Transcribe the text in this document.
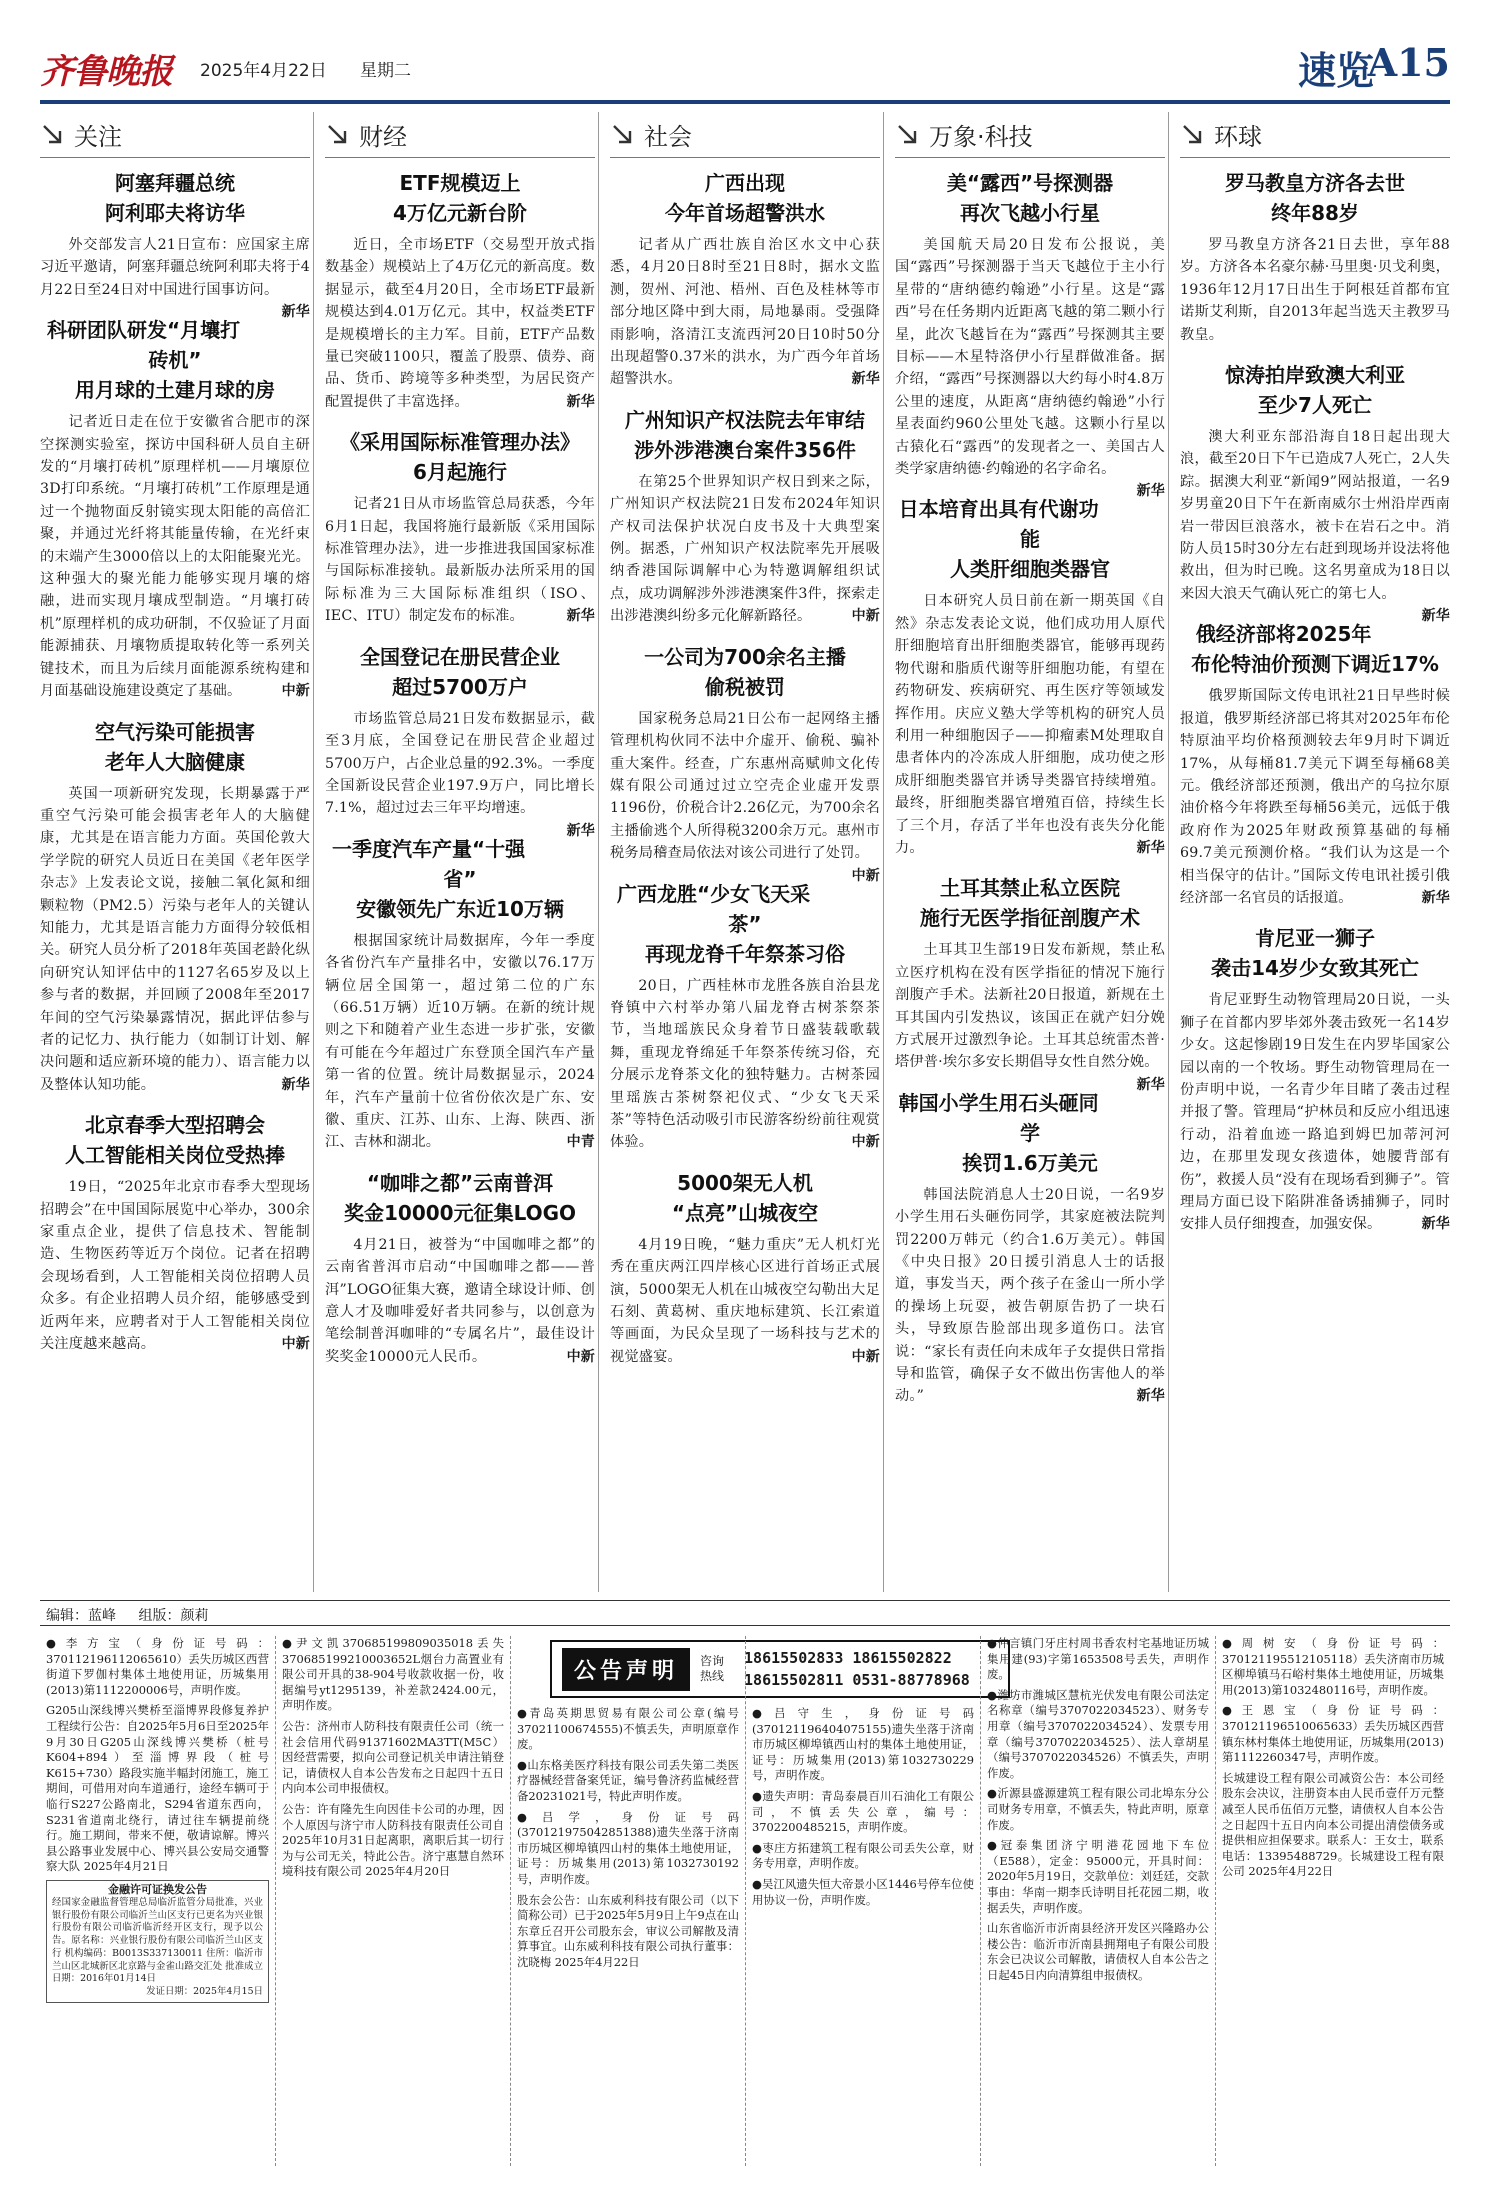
齐鲁晚报 2025年4月22日 星期二	速览
A15
关注
阿塞拜疆总统
阿利耶夫将访华

外交部发言人21日宣布：应国家主席习近平邀请，阿塞拜疆总统阿利耶夫将于4月22日至24日对中国进行国事访问。
新华

科研团队研发“月壤打砖机”
用月球的土建月球的房

记者近日走在位于安徽省合肥市的深空探测实验室，探访中国科研人员自主研发的“月壤打砖机”原理样机——月壤原位3D打印系统。“月壤打砖机”工作原理是通过一个抛物面反射镜实现太阳能的高倍汇聚，并通过光纤将其能量传输，在光纤束的末端产生3000倍以上的太阳能聚光光。这种强大的聚光能力能够实现月壤的熔融，进而实现月壤成型制造。“月壤打砖机”原理样机的成功研制，不仅验证了月面能源捕获、月壤物质提取转化等一系列关键技术，而且为后续月面能源系统构建和月面基础设施建设奠定了基础。	中新

空气污染可能损害
老年人大脑健康

英国一项新研究发现，长期暴露于严重空气污染可能会损害老年人的大脑健康，尤其是在语言能力方面。英国伦敦大学学院的研究人员近日在美国《老年医学杂志》上发表论文说，接触二氧化氮和细颗粒物（PM2.5）污染与老年人的关键认知能力，尤其是语言能力方面得分较低相关。研究人员分析了2018年英国老龄化纵向研究认知评估中的1127名65岁及以上参与者的数据，并回顾了2008年至2017年间的空气污染暴露情况，据此评估参与者的记忆力、执行能力（如制订计划、解决问题和适应新环境的能力）、语言能力以及整体认知功能。	新华

北京春季大型招聘会
人工智能相关岗位受热捧

19日，“2025年北京市春季大型现场招聘会”在中国国际展览中心举办，300余家重点企业，提供了信息技术、智能制造、生物医药等近万个岗位。记者在招聘会现场看到，人工智能相关岗位招聘人员众多。有企业招聘人员介绍，能够感受到近两年来，应聘者对于人工智能相关岗位关注度越来越高。	中新

财经
ETF规模迈上
4万亿元新台阶

近日，全市场ETF（交易型开放式指数基金）规模站上了4万亿元的新高度。数据显示，截至4月20日，全市场ETF最新规模达到4.01万亿元。其中，权益类ETF是规模增长的主力军。目前，ETF产品数量已突破1100只，覆盖了股票、债券、商品、货币、跨境等多种类型，为居民资产配置提供了丰富选择。	新华

《采用国际标准管理办法》
6月起施行

记者21日从市场监管总局获悉，今年6月1日起，我国将施行最新版《采用国际标准管理办法》，进一步推进我国国家标准与国际标准接轨。最新版办法所采用的国际标准为三大国际标准组织（ISO、IEC、ITU）制定发布的标准。	新华

全国登记在册民营企业
超过5700万户

市场监管总局21日发布数据显示，截至3月底，全国登记在册民营企业超过5700万户，占企业总量的92.3%。一季度全国新设民营企业197.9万户，同比增长7.1%，超过过去三年平均增速。
新华

一季度汽车产量“十强省”
安徽领先广东近10万辆

根据国家统计局数据库，今年一季度各省份汽车产量排名中，安徽以76.17万辆位居全国第一，超过第二位的广东（66.51万辆）近10万辆。在新的统计规则之下和随着产业生态进一步扩张，安徽有可能在今年超过广东登顶全国汽车产量第一省的位置。统计局数据显示，2024年，汽车产量前十位省份依次是广东、安徽、重庆、江苏、山东、上海、陕西、浙江、吉林和湖北。	中青

“咖啡之都”云南普洱
奖金10000元征集LOGO

4月21日，被誉为“中国咖啡之都”的云南省普洱市启动“中国咖啡之都——普洱”LOGO征集大赛，邀请全球设计师、创意人才及咖啡爱好者共同参与，以创意为笔绘制普洱咖啡的“专属名片”，最佳设计奖奖金10000元人民币。	中新

社会
广西出现
今年首场超警洪水

记者从广西壮族自治区水文中心获悉，4月20日8时至21日8时，据水文监测，贺州、河池、梧州、百色及桂林等市部分地区降中到大雨，局地暴雨。受强降雨影响，洛清江支流西河20日10时50分出现超警0.37米的洪水，为广西今年首场超警洪水。	新华

广州知识产权法院去年审结
涉外涉港澳台案件356件

在第25个世界知识产权日到来之际，广州知识产权法院21日发布2024年知识产权司法保护状况白皮书及十大典型案例。据悉，广州知识产权法院率先开展吸纳香港国际调解中心为特邀调解组织试点，成功调解涉外涉港澳案件3件，探索走出涉港澳纠纷多元化解新路径。	中新

一公司为700余名主播
偷税被罚

国家税务总局21日公布一起网络主播管理机构伙同不法中介虚开、偷税、骗补重大案件。经查，广东惠州高赋帅文化传媒有限公司通过过立空壳企业虚开发票1196份，价税合计2.26亿元，为700余名主播偷逃个人所得税3200余万元。惠州市税务局稽查局依法对该公司进行了处罚。
中新

广西龙胜“少女飞天采茶”
再现龙脊千年祭茶习俗

20日，广西桂林市龙胜各族自治县龙脊镇中六村举办第八届龙脊古树茶祭茶节，当地瑶族民众身着节日盛装载歌载舞，重现龙脊绵延千年祭茶传统习俗，充分展示龙脊茶文化的独特魅力。古树茶园里瑶族古茶树祭祀仪式、“少女飞天采茶”等特色活动吸引市民游客纷纷前往观赏体验。	中新

5000架无人机
“点亮”山城夜空

4月19日晚，“魅力重庆”无人机灯光秀在重庆两江四岸核心区进行首场正式展演，5000架无人机在山城夜空勾勒出大足石刻、黄葛树、重庆地标建筑、长江索道等画面，为民众呈现了一场科技与艺术的视觉盛宴。	中新

万象·科技
美“露西”号探测器
再次飞越小行星

美国航天局20日发布公报说，美国“露西”号探测器于当天飞越位于主小行星带的“唐纳德约翰逊”小行星。这是“露西”号在任务期内近距离飞越的第二颗小行星，此次飞越旨在为“露西”号探测其主要目标——木星特洛伊小行星群做准备。据介绍，“露西”号探测器以大约每小时4.8万公里的速度，从距离“唐纳德约翰逊”小行星表面约960公里处飞越。这颗小行星以古猿化石“露西”的发现者之一、美国古人类学家唐纳德·约翰逊的名字命名。
新华

日本培育出具有代谢功能
人类肝细胞类器官

日本研究人员日前在新一期英国《自然》杂志发表论文说，他们成功用人原代肝细胞培育出肝细胞类器官，能够再现药物代谢和脂质代谢等肝细胞功能，有望在药物研发、疾病研究、再生医疗等领域发挥作用。庆应义塾大学等机构的研究人员利用一种细胞因子——抑瘤素M处理取自患者体内的冷冻成人肝细胞，成功使之形成肝细胞类器官并诱导类器官持续增殖。最终，肝细胞类器官增殖百倍，持续生长了三个月，存活了半年也没有丧失分化能力。	新华

土耳其禁止私立医院
施行无医学指征剖腹产术

土耳其卫生部19日发布新规，禁止私立医疗机构在没有医学指征的情况下施行剖腹产手术。法新社20日报道，新规在土耳其国内引发热议，该国正在就产妇分娩方式展开过激烈争论。土耳其总统雷杰普·塔伊普·埃尔多安长期倡导女性自然分娩。
新华

韩国小学生用石头砸同学
挨罚1.6万美元

韩国法院消息人士20日说，一名9岁小学生用石头砸伤同学，其家庭被法院判罚2200万韩元（约合1.6万美元）。韩国《中央日报》20日援引消息人士的话报道，事发当天，两个孩子在釜山一所小学的操场上玩耍，被告朝原告扔了一块石头，导致原告脸部出现多道伤口。法官说：“家长有责任向未成年子女提供日常指导和监管，确保子女不做出伤害他人的举动。”	新华

环球
罗马教皇方济各去世
终年88岁

罗马教皇方济各21日去世，享年88岁。方济各本名豪尔赫·马里奥·贝戈利奥，1936年12月17日出生于阿根廷首都布宜诺斯艾利斯，自2013年起当选天主教罗马教皇。

惊涛拍岸致澳大利亚
至少7人死亡

澳大利亚东部沿海自18日起出现大浪，截至20日下午已造成7人死亡，2人失踪。据澳大利亚“新闻9”网站报道，一名9岁男童20日下午在新南威尔士州沿岸西南岩一带因巨浪落水，被卡在岩石之中。消防人员15时30分左右赶到现场并设法将他救出，但为时已晚。这名男童成为18日以来因大浪天气确认死亡的第七人。
新华

俄经济部将2025年
布伦特油价预测下调近17%

俄罗斯国际文传电讯社21日早些时候报道，俄罗斯经济部已将其对2025年布伦特原油平均价格预测较去年9月时下调近17%，从每桶81.7美元下调至每桶68美元。俄经济部还预测，俄出产的乌拉尔原油价格今年将跌至每桶56美元，远低于俄政府作为2025年财政预算基础的每桶69.7美元预测价格。“我们认为这是一个相当保守的估计。”国际文传电讯社援引俄经济部一名官员的话报道。	新华

肯尼亚一狮子
袭击14岁少女致其死亡

肯尼亚野生动物管理局20日说，一头狮子在首都内罗毕郊外袭击致死一名14岁少女。这起惨剧19日发生在内罗毕国家公园以南的一个牧场。野生动物管理局在一份声明中说，一名青少年目睹了袭击过程并报了警。管理局“护林员和反应小组迅速行动，沿着血迹一路追到姆巴加蒂河河边，在那里发现女孩遗体，她腰背部有伤”，救援人员“没有在现场看到狮子”。管理局方面已设下陷阱准备诱捕狮子，同时安排人员仔细搜查，加强安保。	新华

编辑：蓝峰 组版：颜莉
公告声明	咨询热线
18615502833 18615502822
18615502811 0531-88778968
●李方宝（身份证号码：370112196112065610）丢失历城区西营街道下罗伽村集体土地使用证，历城集用(2013)第1112200006号，声明作废。
G205山深线博兴樊桥至淄博界段修复养护工程续行公告：自2025年5月6日至2025年9月30日G205山深线博兴樊桥（桩号K604+894）至淄博界段（桩号K615+730）路段实施半幅封闭施工，施工期间，可借用对向车道通行，途经车辆可于临行S227公路南北，S294省道东西向，S231省道南北绕行，请过往车辆提前绕行。施工期间，带来不便，敬请谅解。博兴县公路事业发展中心、博兴县公安局交通警察大队 2025年4月21日
金融许可证换发公告
经国家金融监督管理总局临沂监管分局批准，兴业银行股份有限公司临沂兰山区支行已更名为兴业银行股份有限公司临沂临沂经开区支行，现予以公告。原名称：兴业银行股份有限公司临沂兰山区支行 机构编码：B0013S337130011 住所：临沂市兰山区北城新区北京路与金雀山路交汇处 批准成立日期：2016年01月14日
发证日期：2025年4月15日
●尹文凯370685199809035018丢失370685199210003652L烟台力高置业有限公司开具的38-904号收款收据一份，收据编号yt1295139，补差款2424.00元，声明作废。
公告：济州市人防科技有限责任公司（统一社会信用代码91371602MA3TT(M5C）因经营需要，拟向公司登记机关申请注销登记，请债权人自本公告发布之日起四十五日内向本公司申报债权。
公告：许有隆先生向因佳卡公司的办理，因个人原因与济宁市人防科技有限责任公司自2025年10月31日起离职，离职后其一切行为与公司无关，特此公告。济宁惠慧自然环境科技有限公司 2025年4月20日
●青岛英期思贸易有限公司公章(编号37021100674555)不慎丢失，声明原章作废。
●山东格美医疗科技有限公司丢失第二类医疗器械经营备案凭证，编号鲁济药监械经营备20231021号，特此声明作废。
●吕学，身份证号码(370121975042851388)遗失坐落于济南市历城区柳埠镇四山村的集体土地使用证，证号：历城集用(2013)第1032730192号，声明作废。
股东会公告：山东威利科技有限公司（以下简称公司）已于2025年5月9日上午9点在山东章丘召开公司股东会，审议公司解散及清算事宜。山东威利科技有限公司执行董事：沈晓梅 2025年4月22日
●吕守生，身份证号码(370121196404075155)遗失坐落于济南市历城区柳埠镇西山村的集体土地使用证，证号：历城集用(2013)第1032730229号，声明作废。
●遗失声明：青岛泰晨百川石油化工有限公司，不慎丢失公章，编号：3702200485215，声明作废。
●枣庄方拓建筑工程有限公司丢失公章，财务专用章，声明作废。
●吴江风遗失恒大帝景小区1446号停车位使用协议一份，声明作废。
●仲言镇门牙庄村周书香农村宅基地证历城集用建(93)字第1653508号丢失，声明作废。
●潍坊市潍城区慧杭光伏发电有限公司法定名称章（编号3707022034523）、财务专用章（编号3707022034524）、发票专用章（编号3707022034525）、法人章胡星（编号3707022034526）不慎丢失，声明作废。
●沂源县盛源建筑工程有限公司北埠东分公司财务专用章，不慎丢失，特此声明，原章作废。
●冠泰集团济宁明港花园地下车位（E588），定金：95000元，开具时间：2020年5月19日，交款单位：刘廷廷，交款事由：华南一期李氏诗明目托花园二期，收据丢失，声明作废。
山东省临沂市沂南县经济开发区兴隆路办公楼公告：临沂市沂南县拥翔电子有限公司股东会已决议公司解散，请债权人自本公告之日起45日内向清算组申报债权。
●周树安（身份证号码：370121195512105118）丢失济南市历城区柳埠镇马石峪村集体土地使用证，历城集用(2013)第1032480116号，声明作废。
●王恩宝（身份证号码：370121196510065633）丢失历城区西营镇东林村集体土地使用证，历城集用(2013)第1112260347号，声明作废。
长城建设工程有限公司减资公告：本公司经股东会决议，注册资本由人民币壹仟万元整减至人民币伍佰万元整，请债权人自本公告之日起四十五日内向本公司提出清偿债务或提供相应担保要求。联系人：王女士，联系电话：13395488729。长城建设工程有限公司 2025年4月22日
